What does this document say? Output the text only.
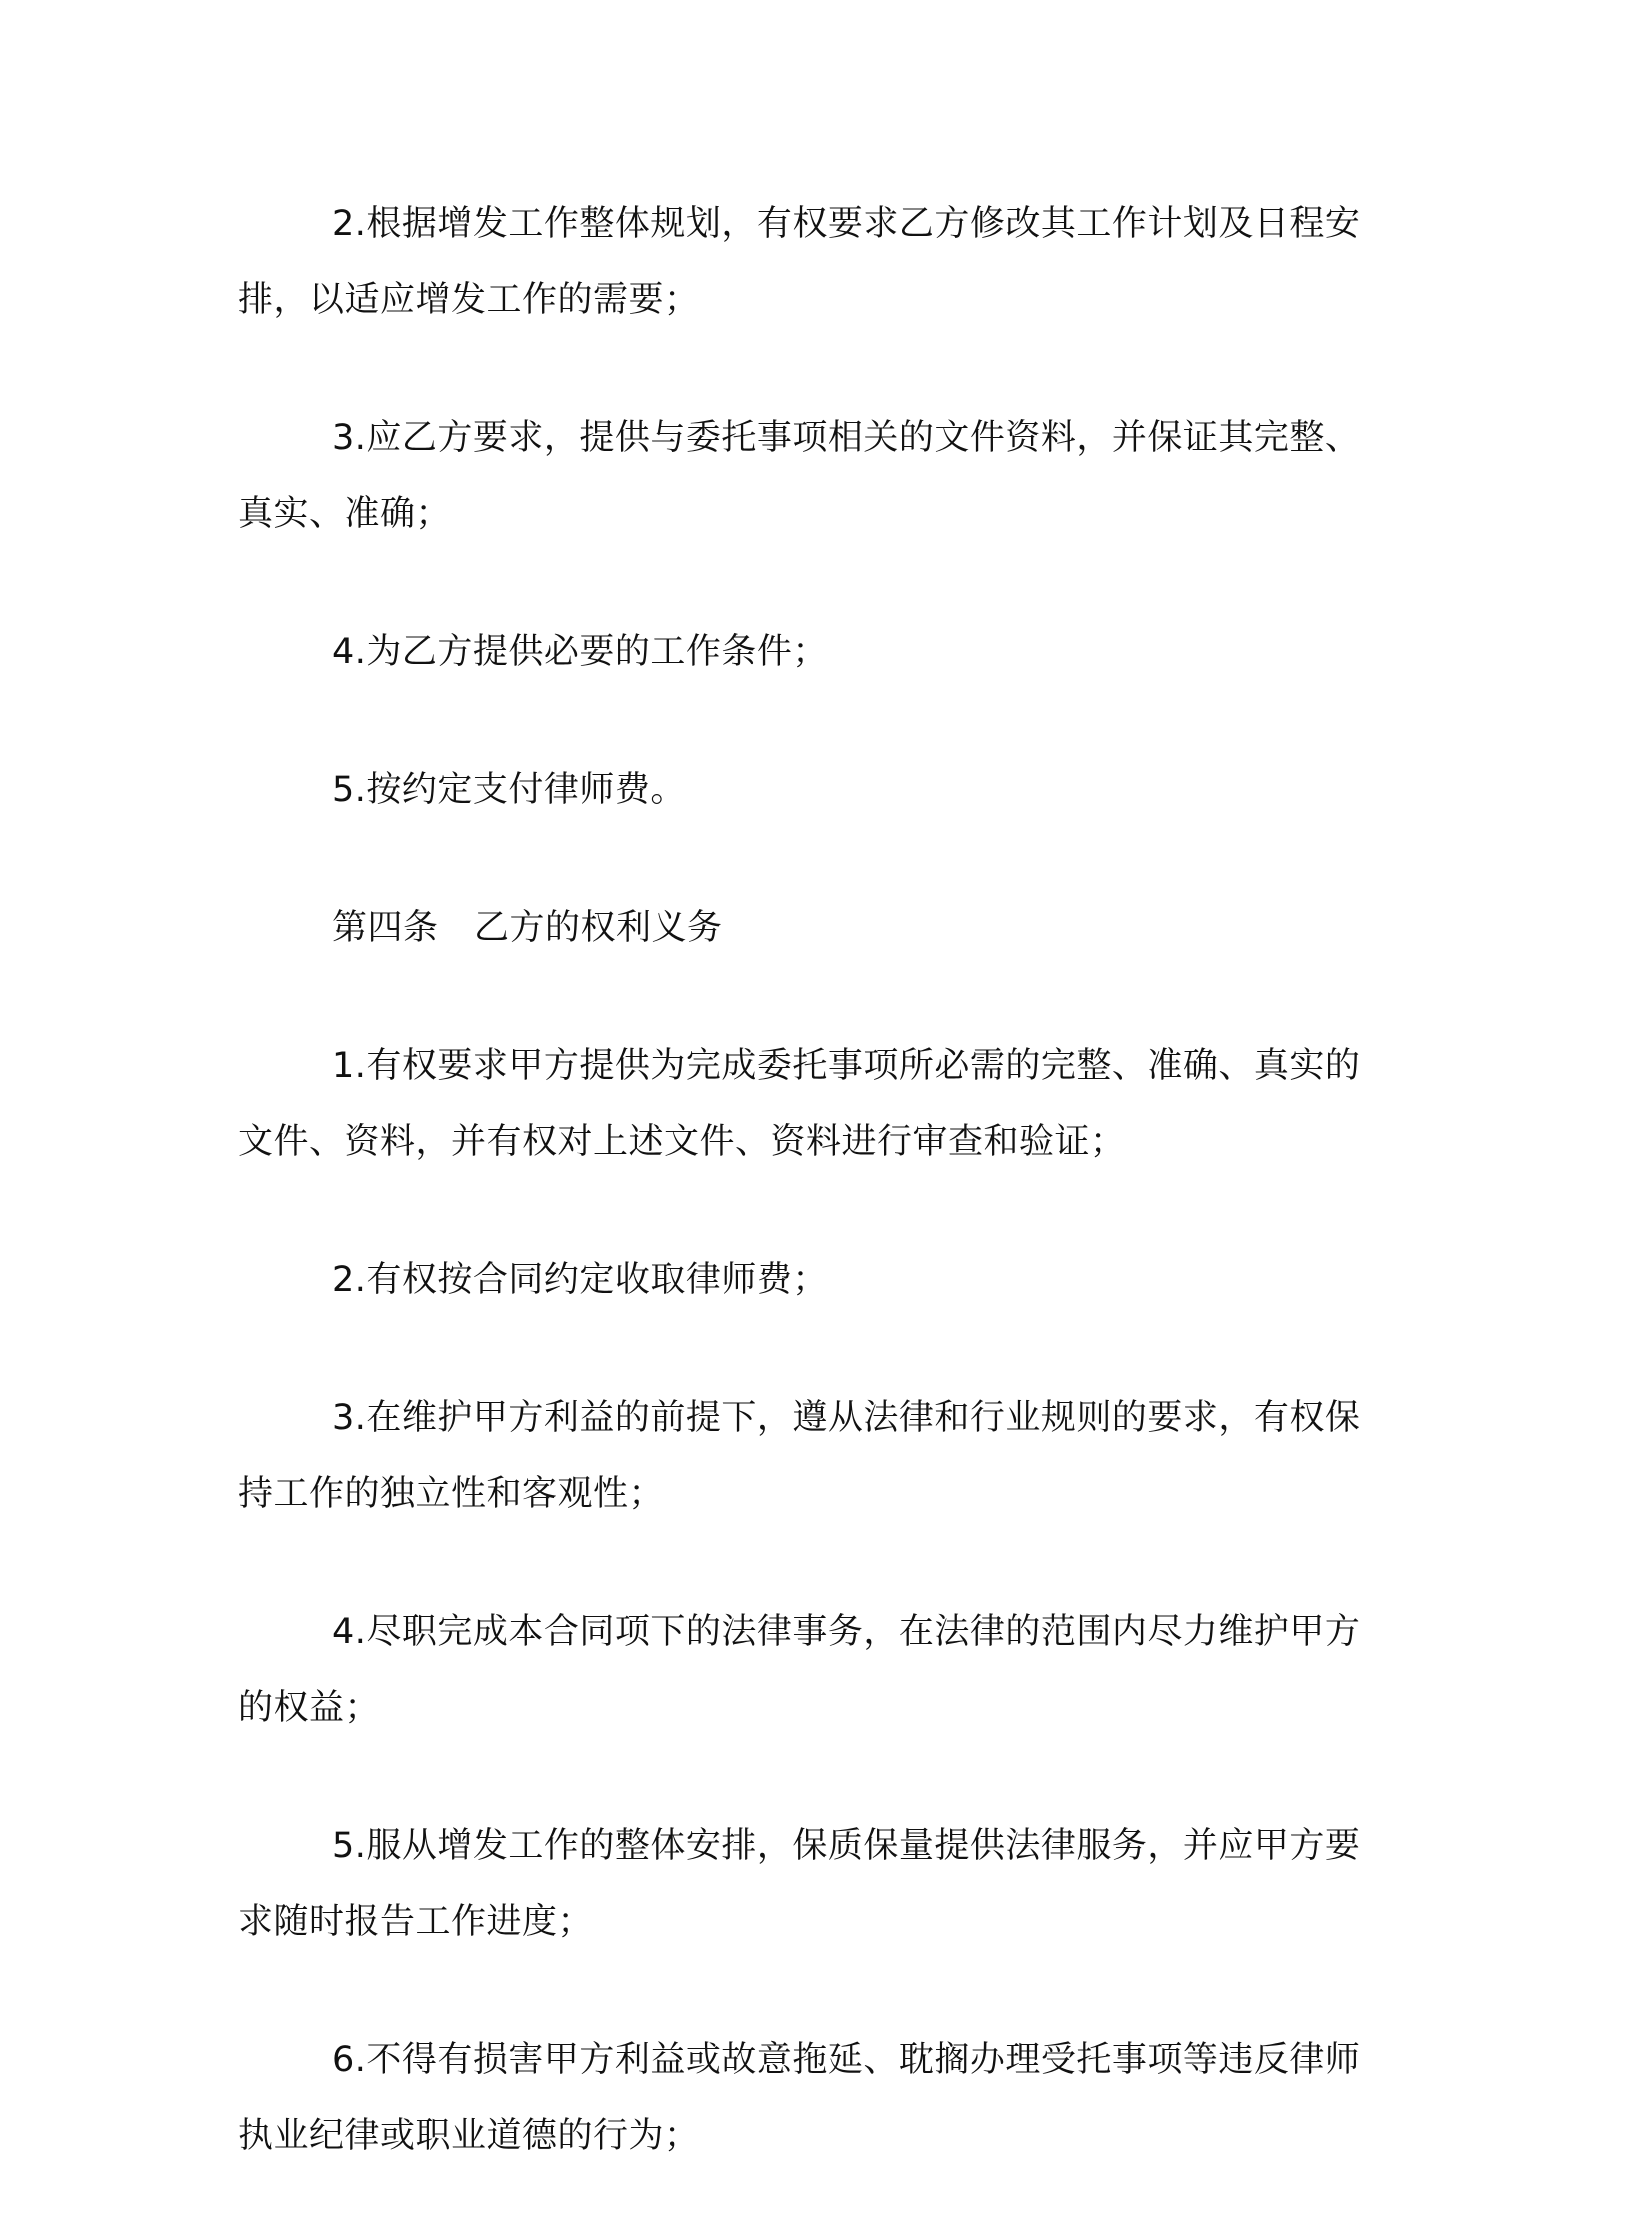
2.根据增发工作整体规划，有权要求乙方修改其工作计划及日程安排，以适应增发工作的需要；

3.应乙方要求，提供与委托事项相关的文件资料，并保证其完整、真实、准确；

4.为乙方提供必要的工作条件；

5.按约定支付律师费。

第四条　乙方的权利义务

1.有权要求甲方提供为完成委托事项所必需的完整、准确、真实的文件、资料，并有权对上述文件、资料进行审查和验证；

2.有权按合同约定收取律师费；

3.在维护甲方利益的前提下，遵从法律和行业规则的要求，有权保持工作的独立性和客观性；

4.尽职完成本合同项下的法律事务，在法律的范围内尽力维护甲方的权益；

5.服从增发工作的整体安排，保质保量提供法律服务，并应甲方要求随时报告工作进度；

6.不得有损害甲方利益或故意拖延、耽搁办理受托事项等违反律师执业纪律或职业道德的行为；
